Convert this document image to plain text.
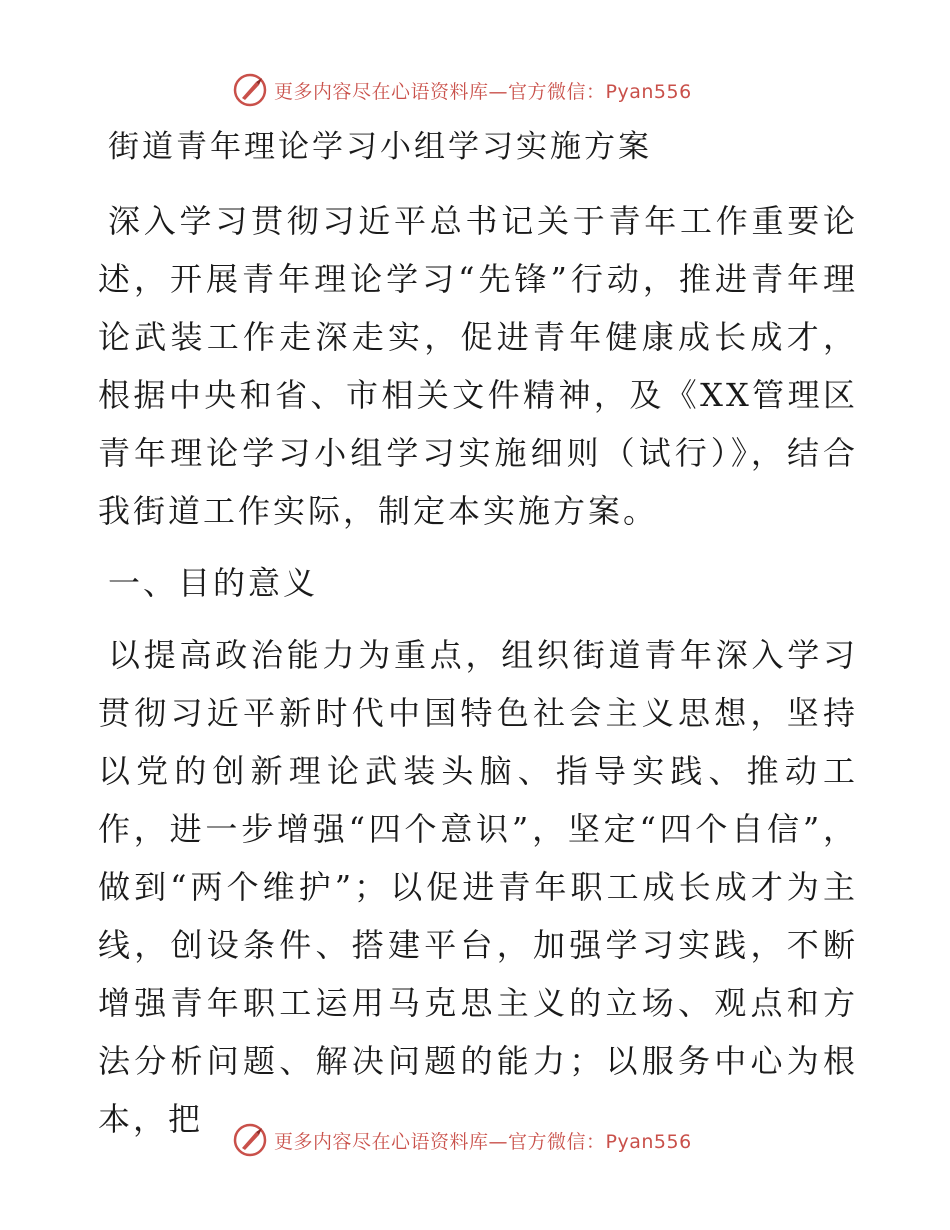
更多内容尽在心语资料库—官方微信：Pyan556
街道青年理论学习小组学习实施方案

深入学习贯彻习近平总书记关于青年工作重要论述，开展青年理论学习“先锋”行动，推进青年理论武装工作走深走实，促进青年健康成长成才，根据中央和省、市相关文件精神，及《XX管理区青年理论学习小组学习实施细则（试行）》，结合我街道工作实际，制定本实施方案。

一、目的意义

以提高政治能力为重点，组织街道青年深入学习贯彻习近平新时代中国特色社会主义思想，坚持以党的创新理论武装头脑、指导实践、推动工作，进一步增强“四个意识”，坚定“四个自信”，做到“两个维护”；以促进青年职工成长成才为主线，创设条件、搭建平台，加强学习实践，不断增强青年职工运用马克思主义的立场、观点和方法分析问题、解决问题的能力；以服务中心为根本，把

更多内容尽在心语资料库—官方微信：Pyan556
